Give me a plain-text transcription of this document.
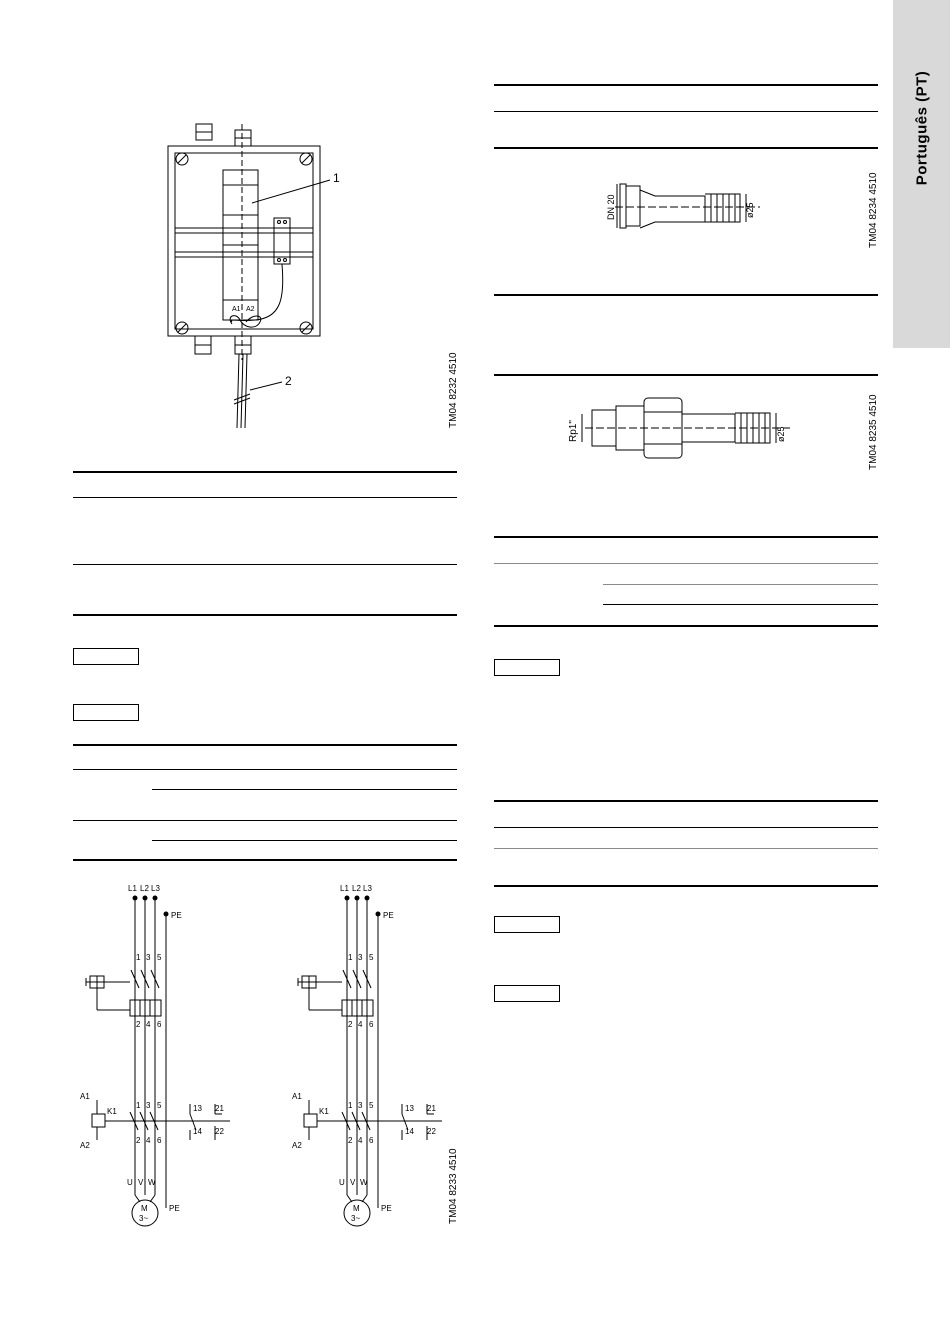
Português (PT)
1
2
A1 A2
TM04 8232 4510
L1 L2 L3
PE
1 3 5
2 4 6
A1
A2
K1
1 3 5
2 4 6
13
14
21
22
U V W
PE
M
3~	TM04 8233 4510
DN 20	ø25	TM04 8234 4510
Rp1"	ø25	TM04 8235 4510
